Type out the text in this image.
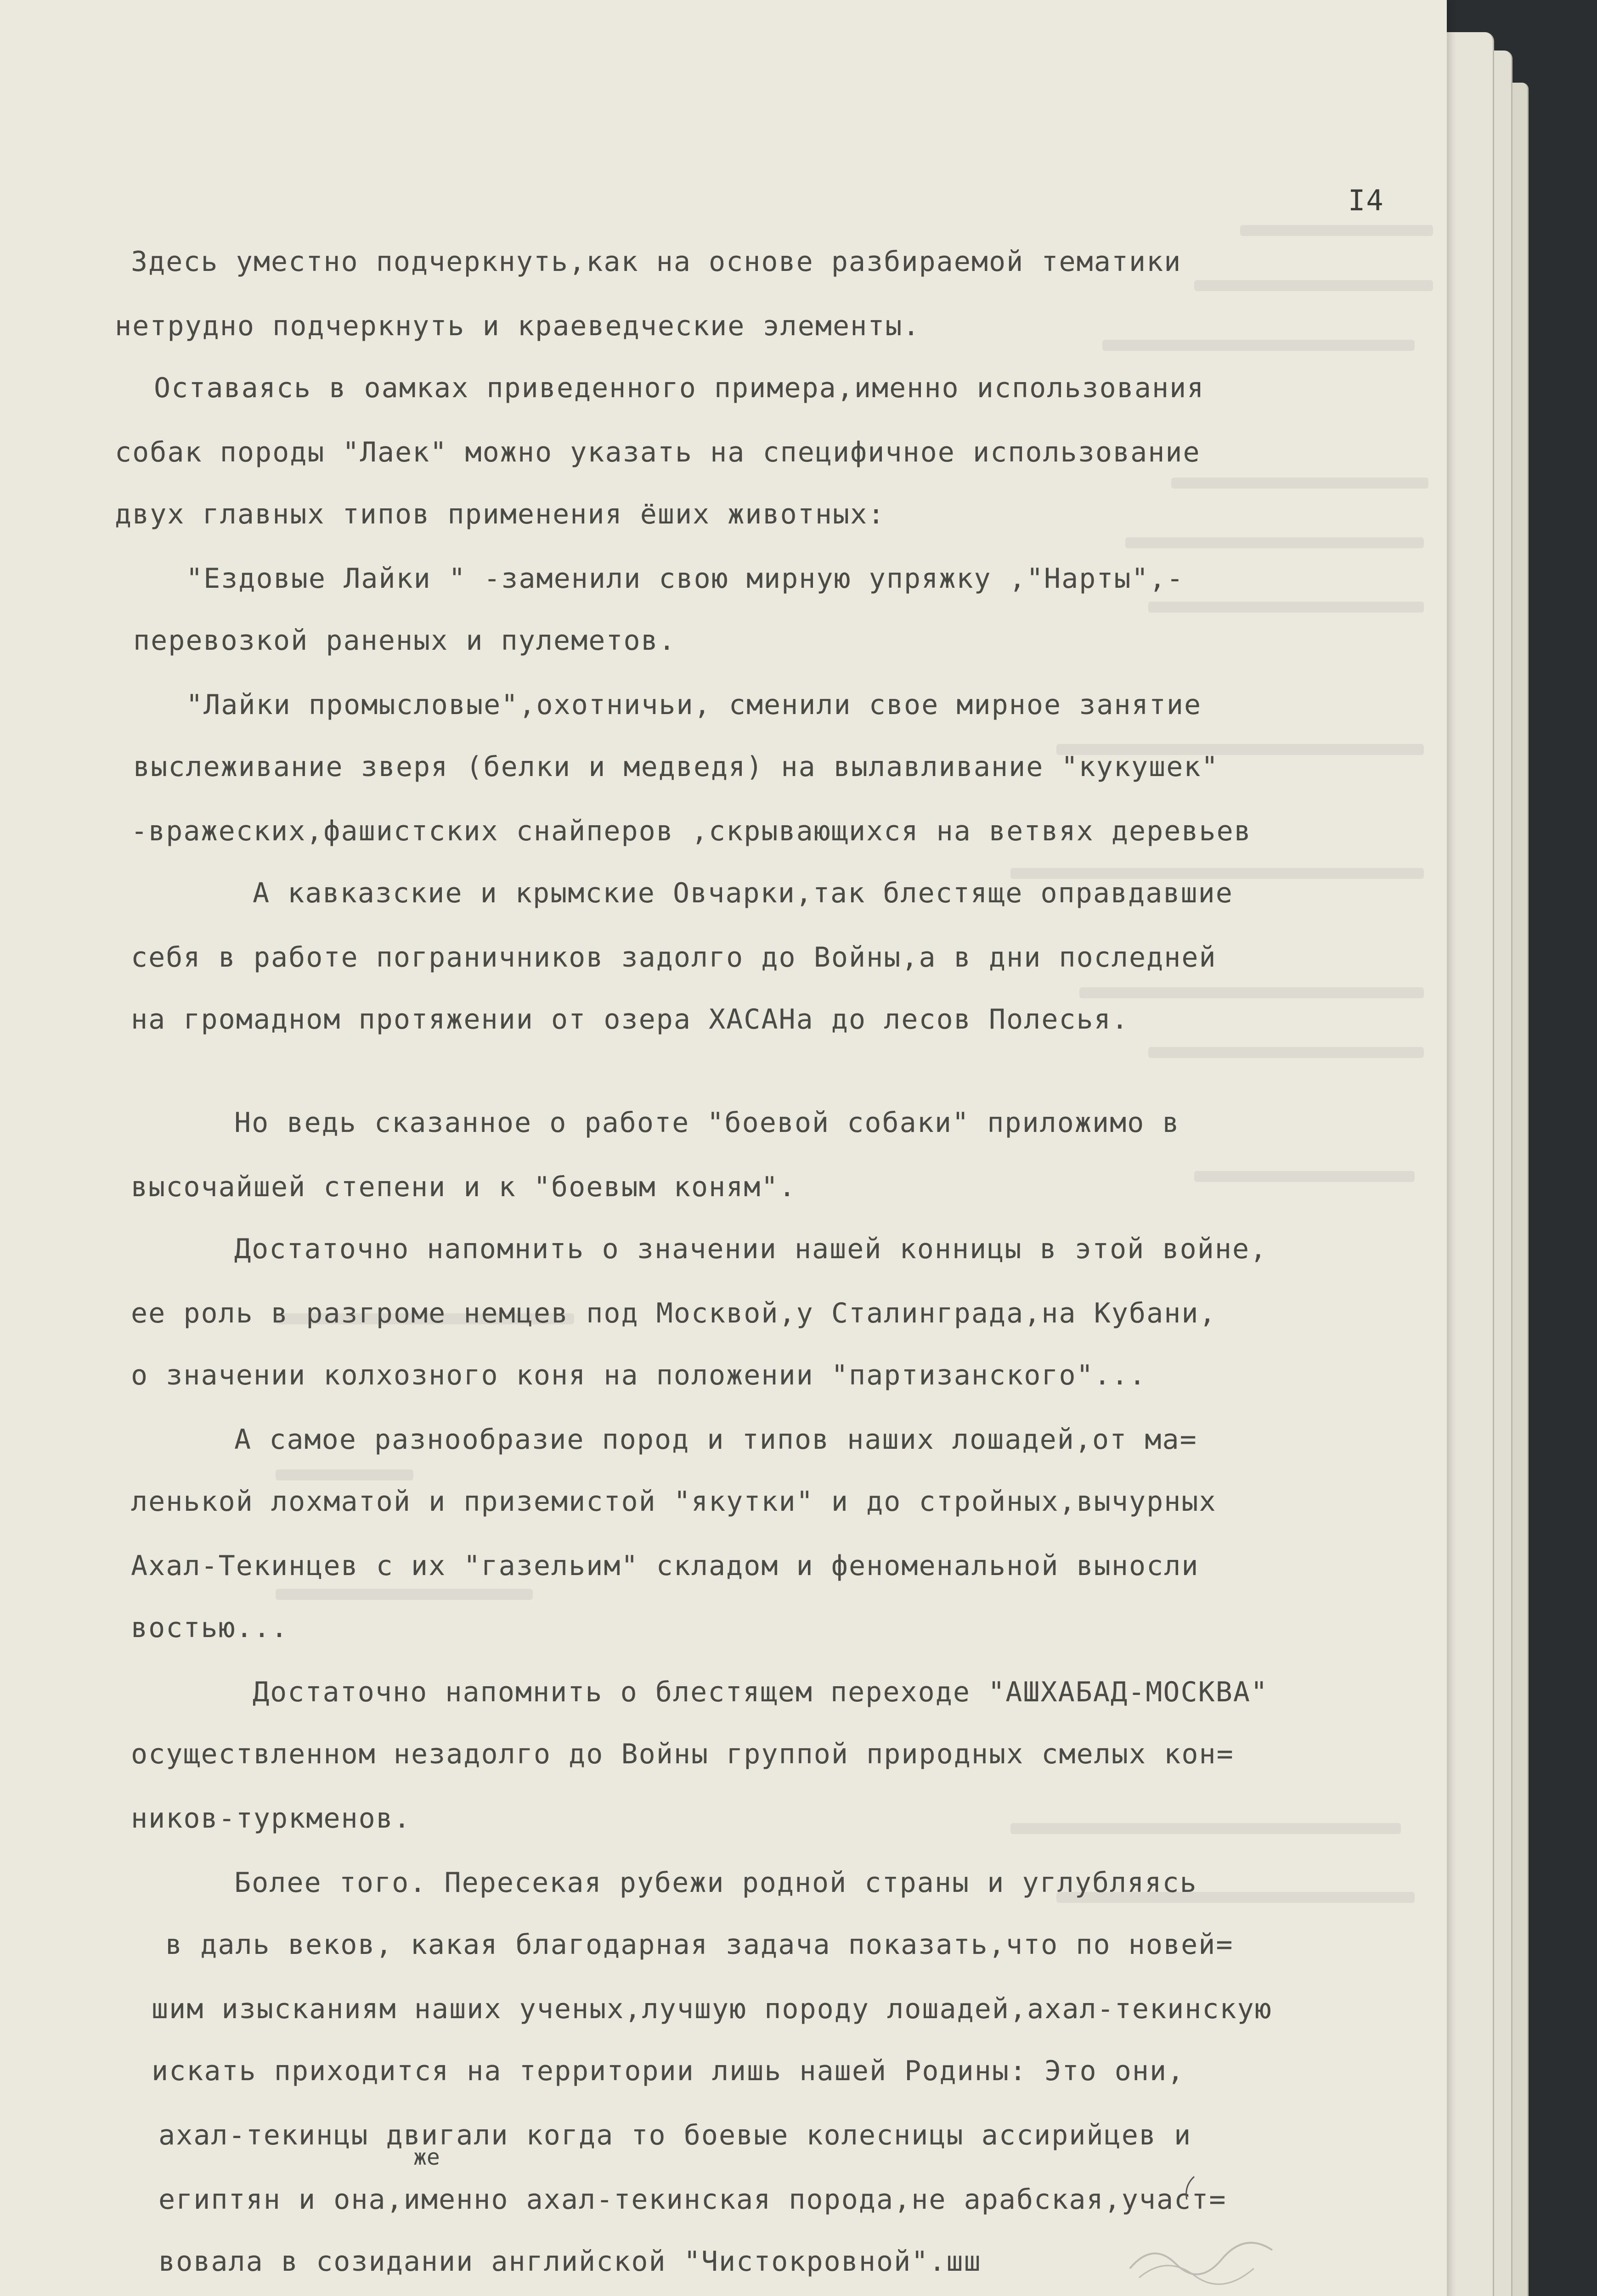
I4
Здесь уместно подчеркнуть,как на основе разбираемой тематики
нетрудно подчеркнуть и краеведческие элементы.
Оставаясь в оамках приведенного примера,именно использования
собак породы "Лаек" можно указать на специфичное использование
двух главных типов применения ёших животных:
"Ездовые Лайки " -заменили свою мирную упряжку ,"Нарты",-
перевозкой раненых и пулеметов.
"Лайки промысловые",охотничьи, сменили свое мирное занятие
выслеживание зверя (белки и медведя) на вылавливание "кукушек"
-вражеских,фашистских снайперов ,скрывающихся на ветвях деревьев
А кавказские и крымские Овчарки,так блестяще оправдавшие
себя в работе пограничников задолго до Войны,а в дни последней
на громадном протяжении от озера ХАСАНа до лесов Полесья.
Но ведь сказанное о работе "боевой собаки" приложимо в
высочайшей степени и к "боевым коням".
Достаточно напомнить о значении нашей конницы в этой войне,
ее роль в разгроме немцев под Москвой,у Сталинграда,на Кубани,
о значении колхозного коня на положении "партизанского"...
А самое разнообразие пород и типов наших лошадей,от ма=
ленькой лохматой и приземистой "якутки" и до стройных,вычурных
Ахал-Текинцев с их "газельим" складом и феноменальной выносли
востью...
Достаточно напомнить о блестящем переходе "АШХАБАД-МОСКВА"
осуществленном незадолго до Войны группой природных смелых кон=
ников-туркменов.
Более того. Пересекая рубежи родной страны и углубляясь
в даль веков, какая благодарная задача показать,что по новей=
шим изысканиям наших ученых,лучшую породу лошадей,ахал-текинскую
искать приходится на территории лишь нашей Родины: Это они,
ахал-текинцы двигали когда то боевые колесницы ассирийцев и
египтян и она,именно ахал-текинская порода,не арабская,участ=
вовала в созидании английской "Чистокровной".шш
же
